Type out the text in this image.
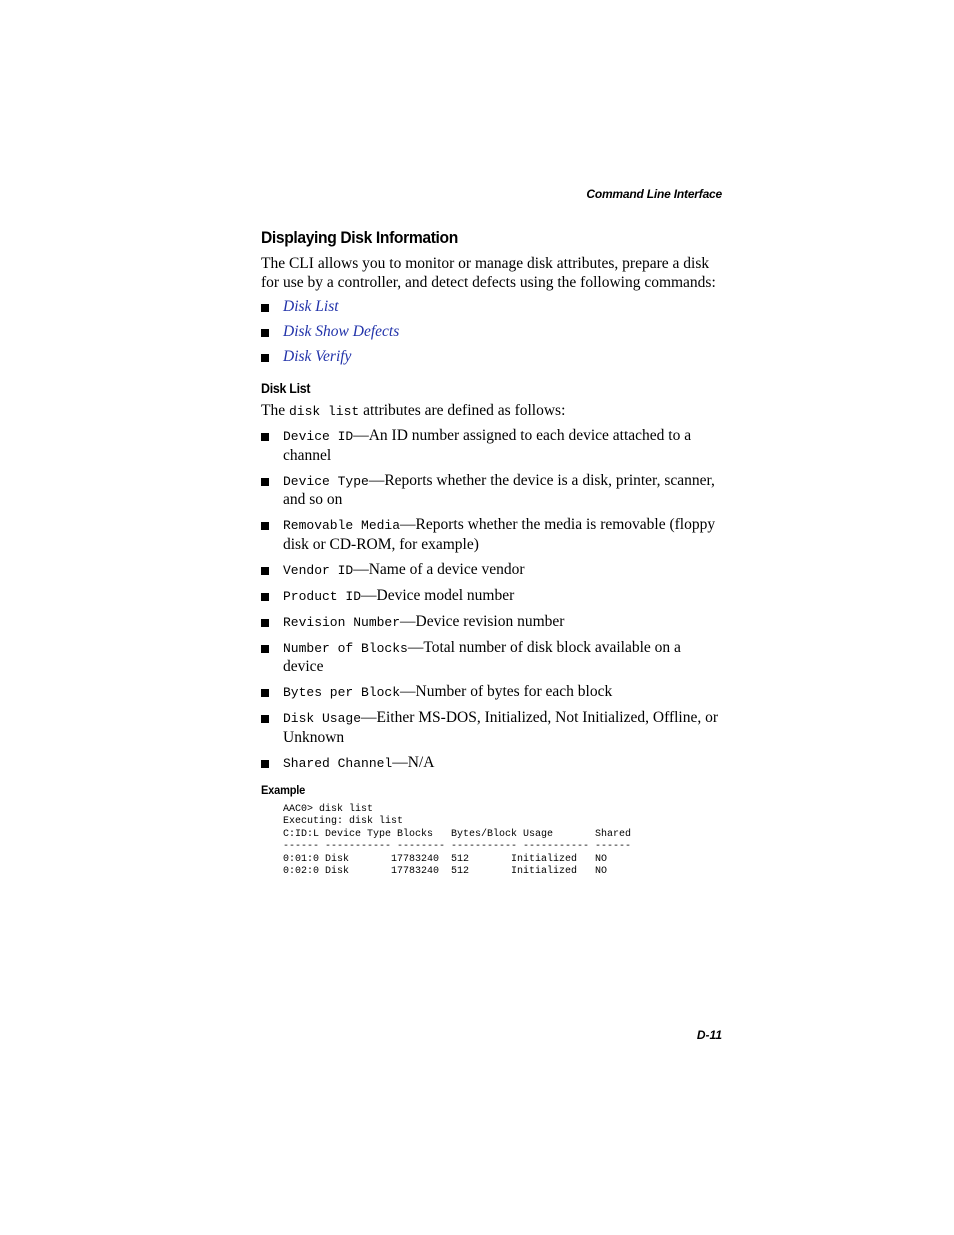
Command Line Interface
Displaying Disk Information

The CLI allows you to monitor or manage disk attributes, prepare a disk for use by a controller, and detect defects using the following commands:

Disk List
Disk Show Defects
Disk Verify
Disk List

The disk list attributes are defined as follows:

Device ID—An ID number assigned to each device attached to a channel
Device Type—Reports whether the device is a disk, printer, scanner, and so on
Removable Media—Reports whether the media is removable (floppy disk or CD-ROM, for example)
Vendor ID—Name of a device vendor
Product ID—Device model number
Revision Number—Device revision number
Number of Blocks—Total number of disk block available on a device
Bytes per Block—Number of bytes for each block
Disk Usage—Either MS-DOS, Initialized, Not Initialized, Offline, or Unknown
Shared Channel—N/A
Example
AAC0> disk list
Executing: disk list
C:ID:L Device Type Blocks   Bytes/Block Usage       Shared
------ ----------- -------- ----------- ----------- ------
0:01:0 Disk       17783240  512       Initialized   NO
0:02:0 Disk       17783240  512       Initialized   NO
D-11
